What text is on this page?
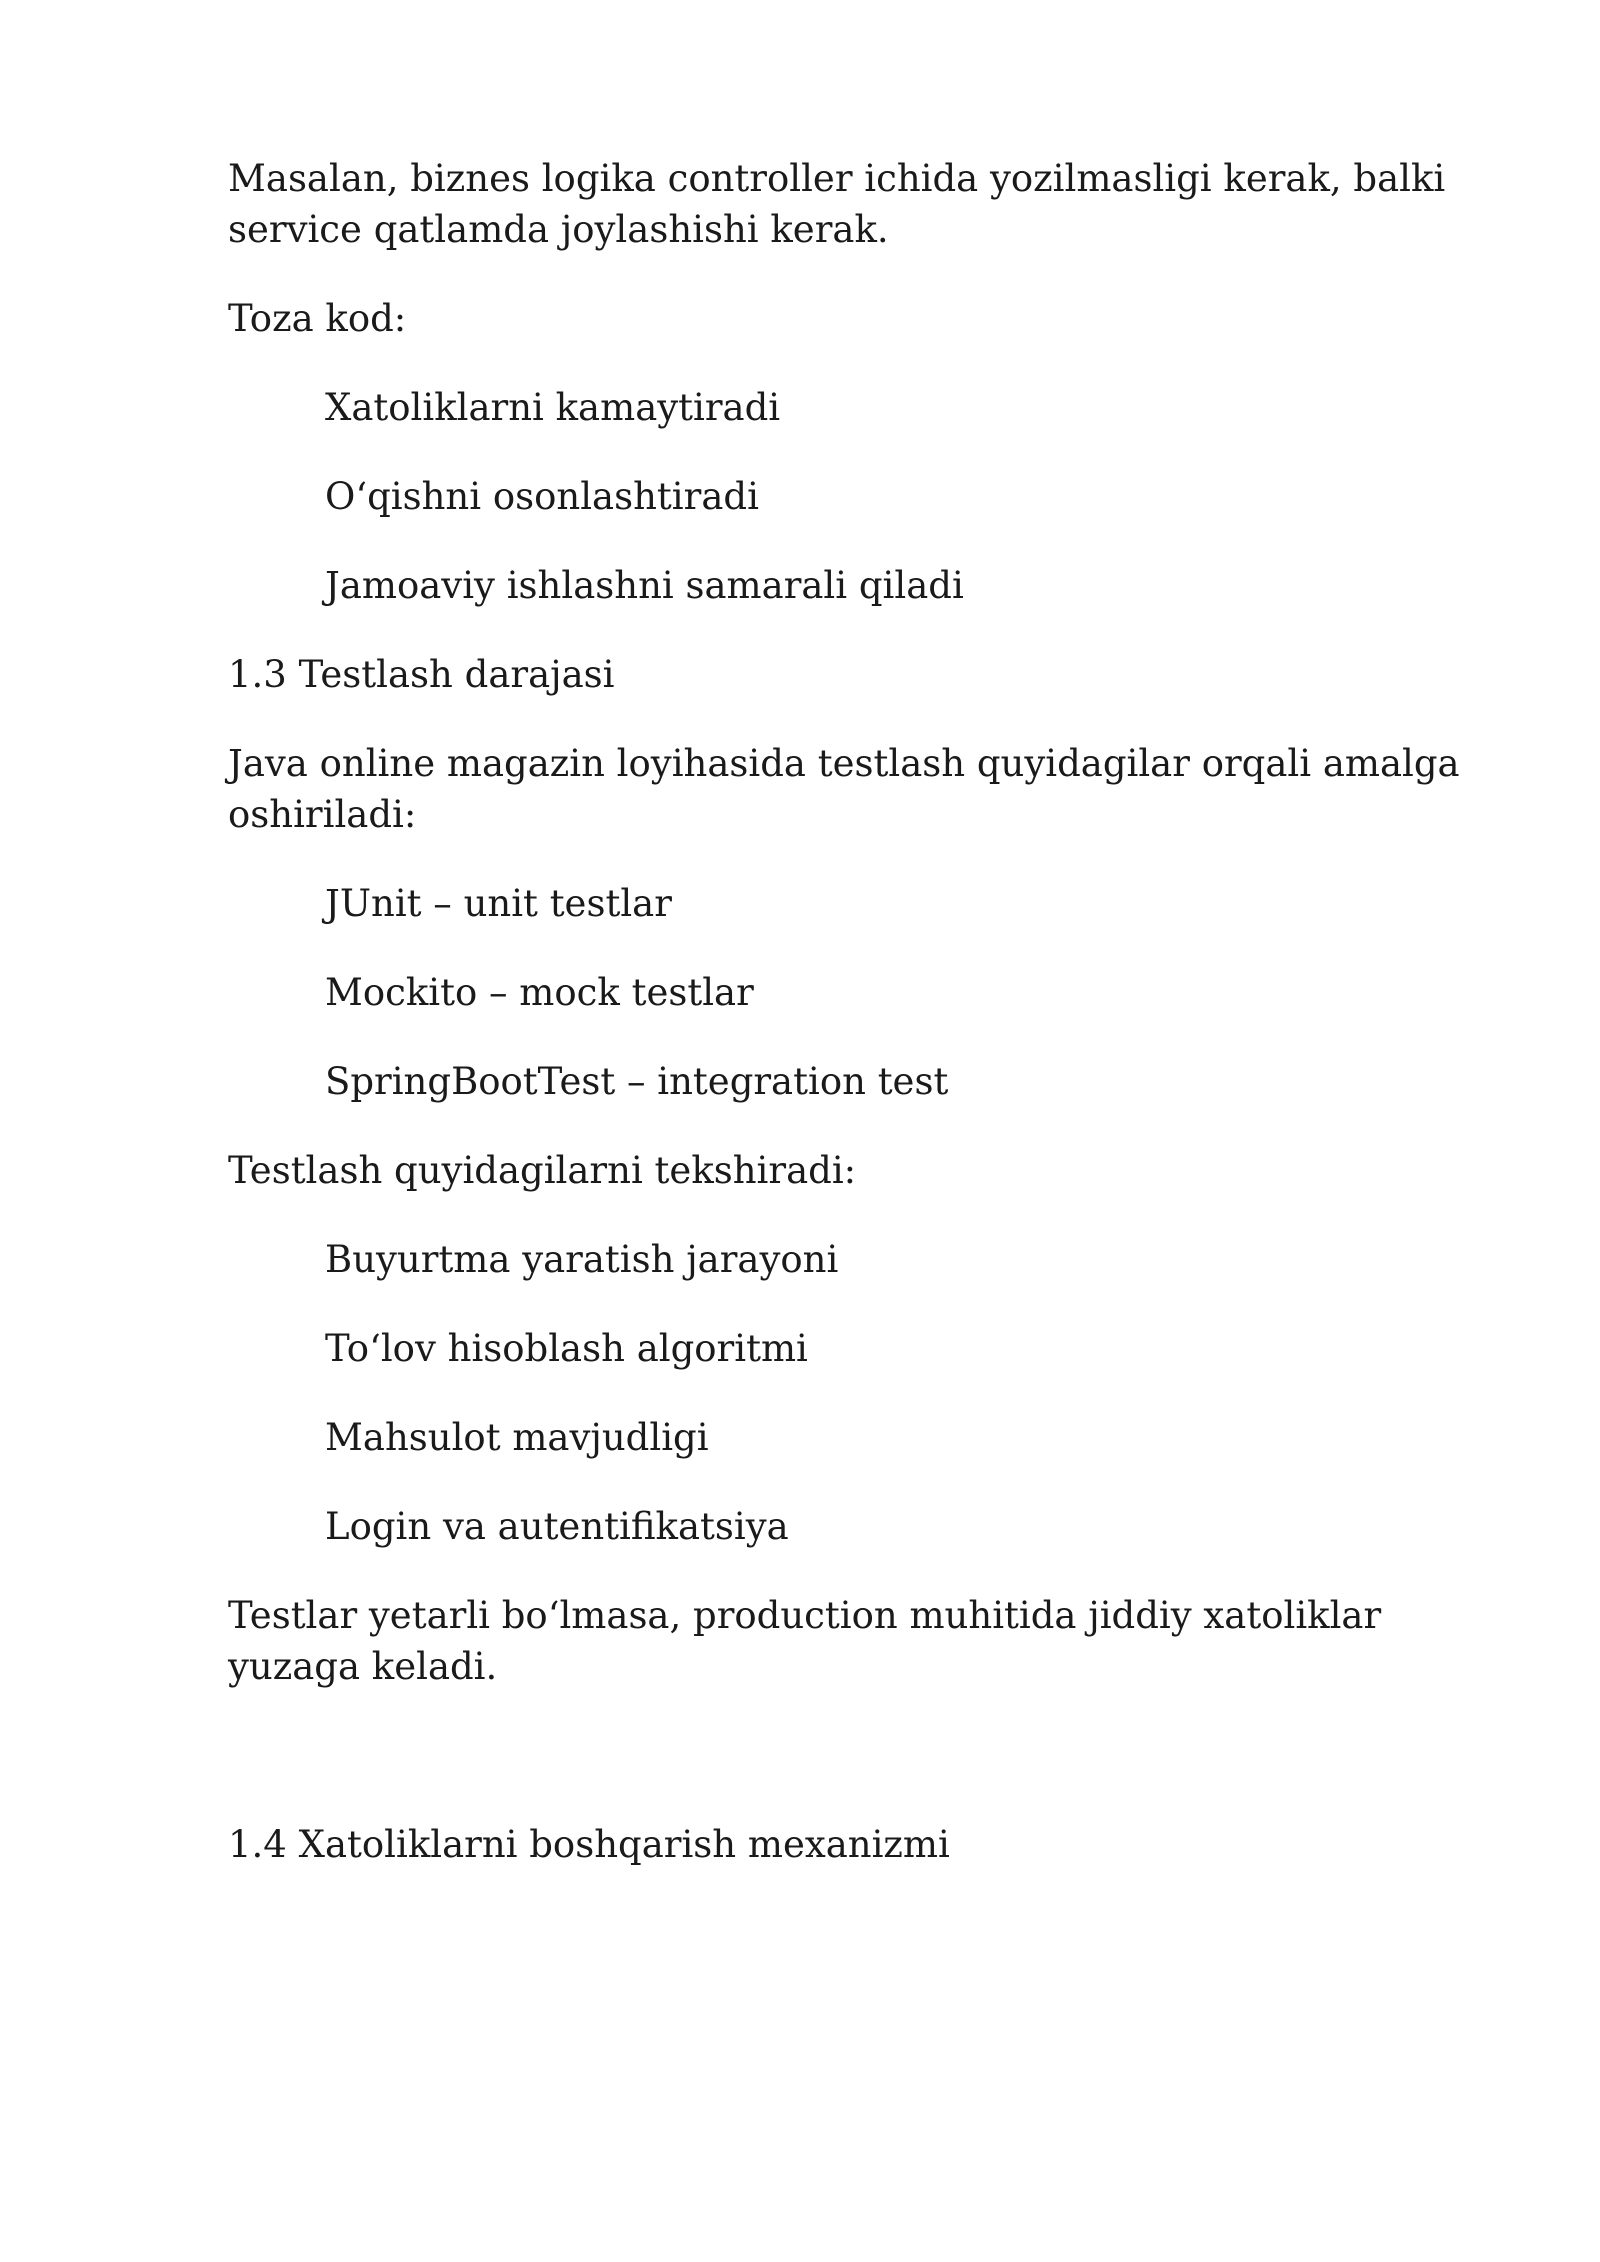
Masalan, biznes logika controller ichida yozilmasligi kerak, balki service qatlamda joylashishi kerak.

Toza kod:

Xatoliklarni kamaytiradi

O‘qishni osonlashtiradi

Jamoaviy ishlashni samarali qiladi

1.3 Testlash darajasi

Java online magazin loyihasida testlash quyidagilar orqali amalga oshiriladi:

JUnit – unit testlar

Mockito – mock testlar

SpringBootTest – integration test

Testlash quyidagilarni tekshiradi:

Buyurtma yaratish jarayoni

To‘lov hisoblash algoritmi

Mahsulot mavjudligi

Login va autentifikatsiya

Testlar yetarli bo‘lmasa, production muhitida jiddiy xatoliklar yuzaga keladi.

1.4 Xatoliklarni boshqarish mexanizmi
